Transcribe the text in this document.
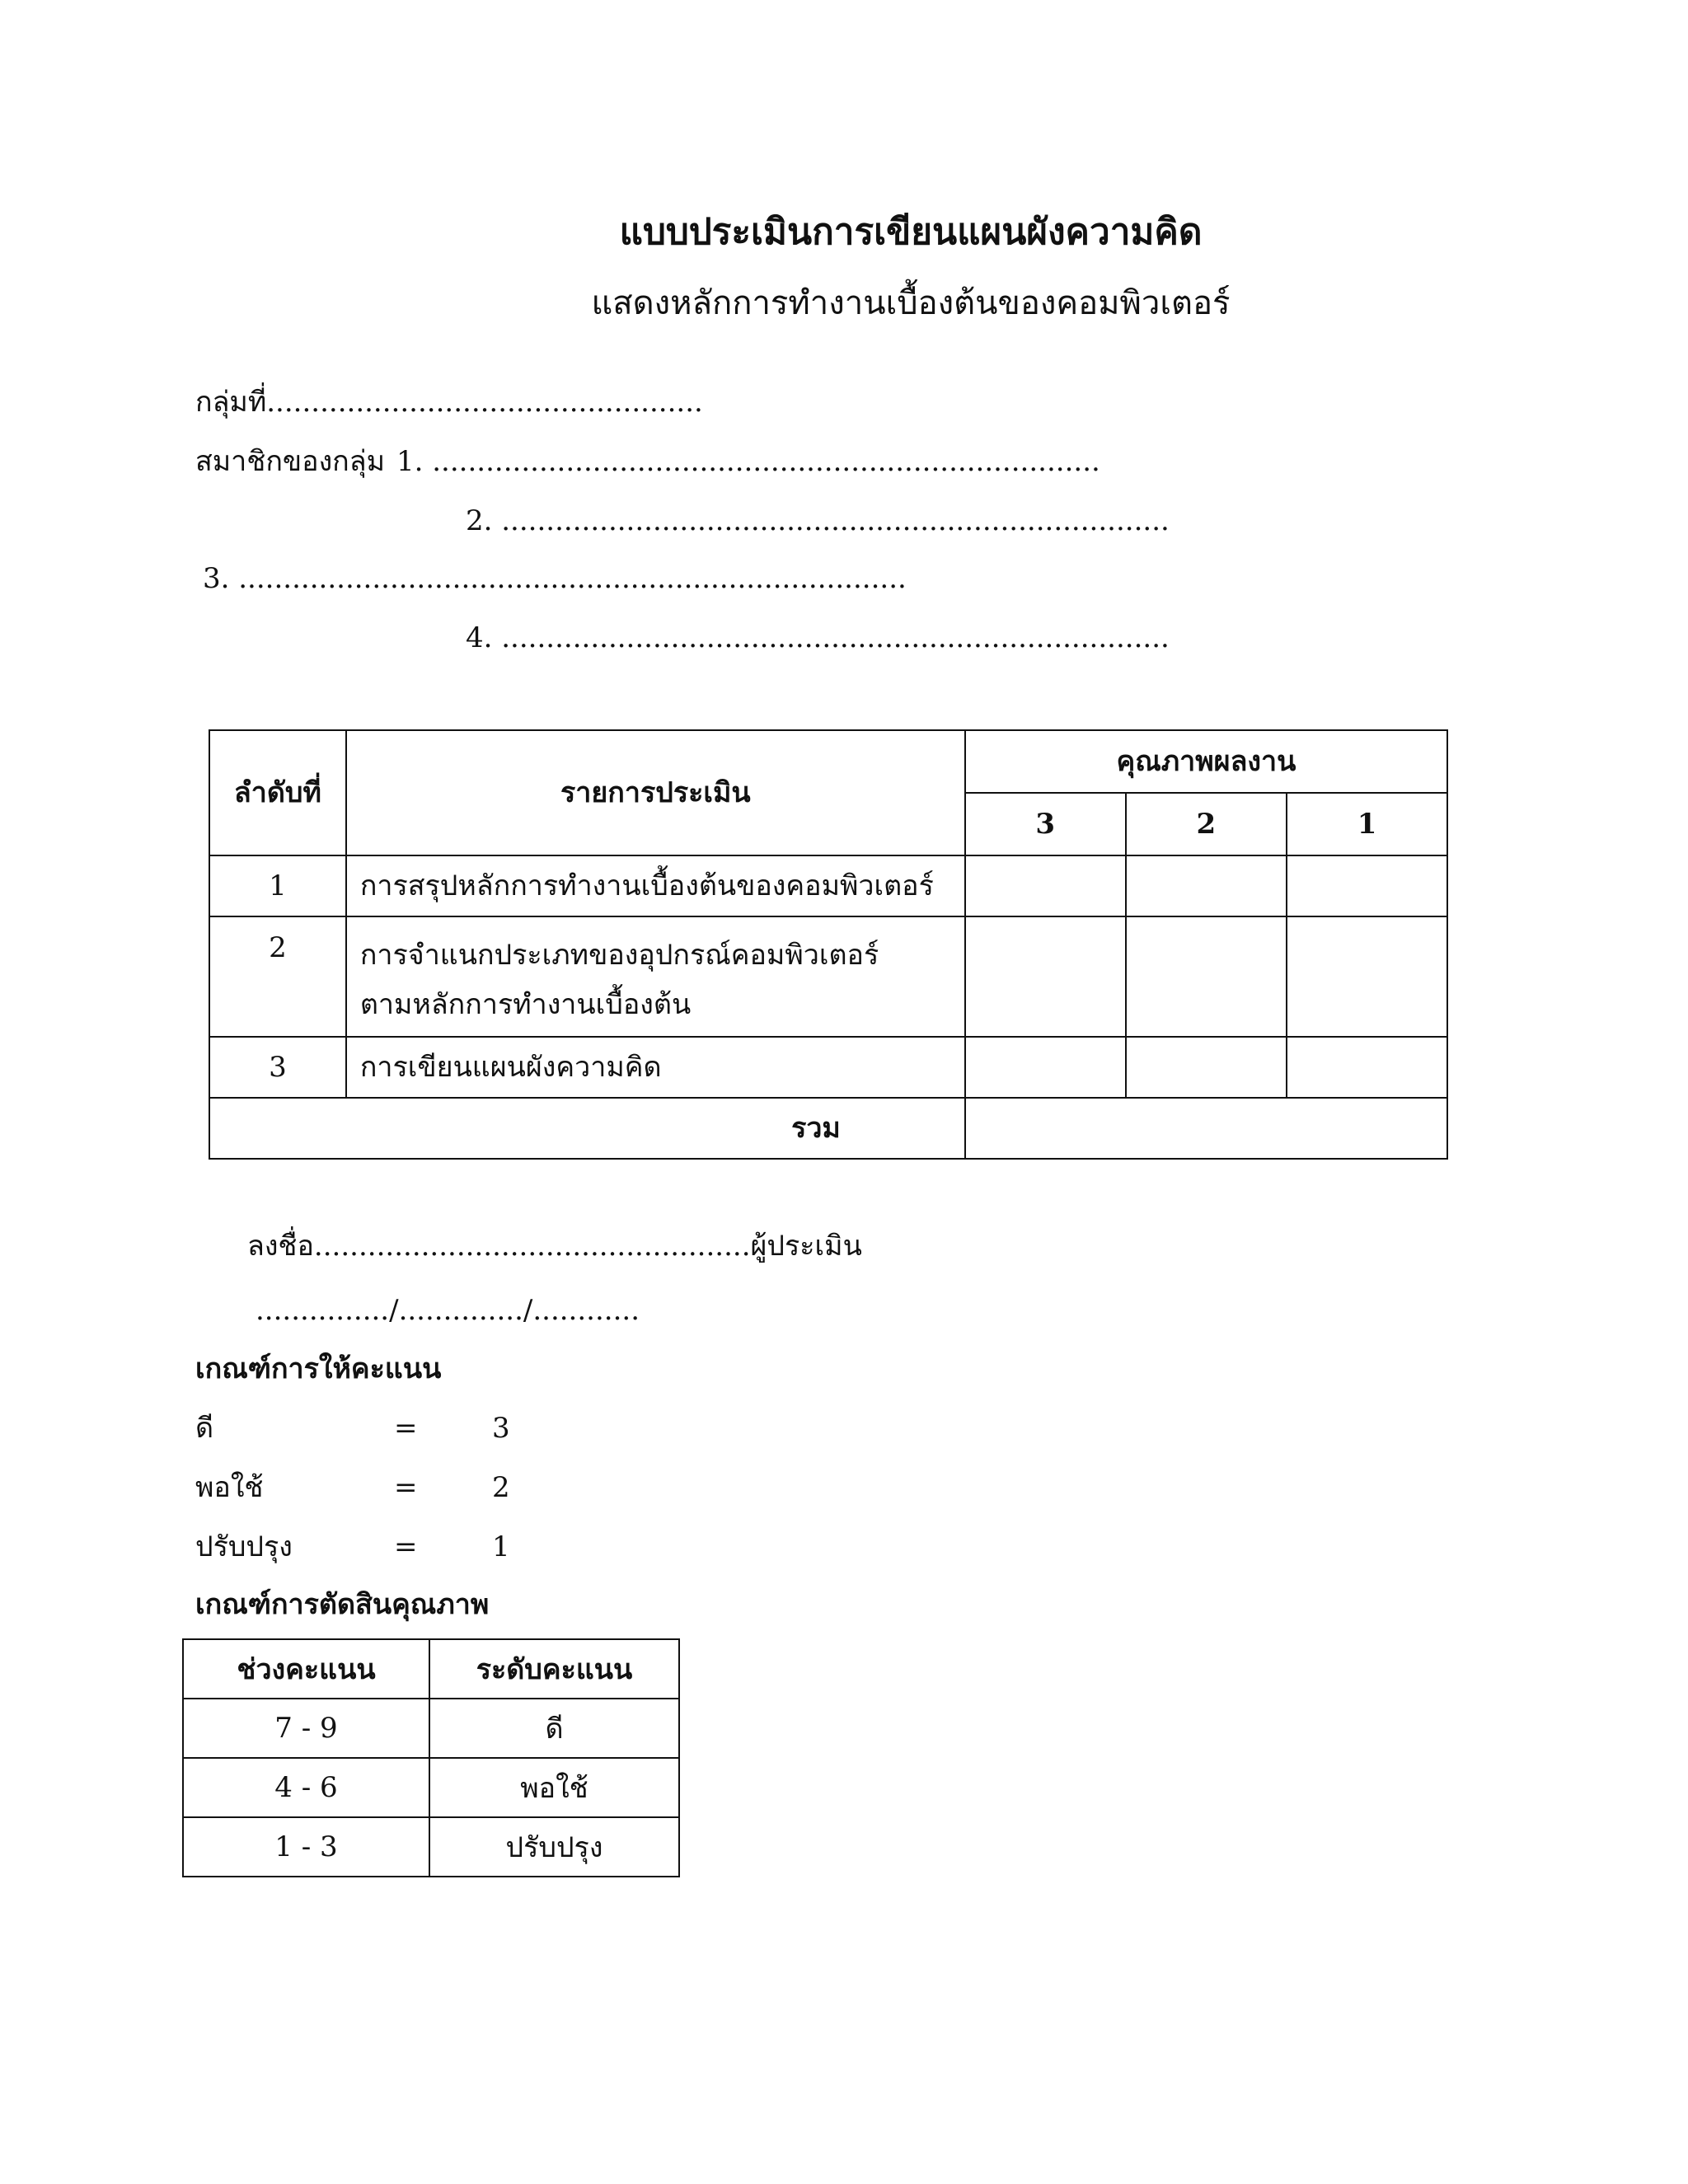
แบบประเมินการเขียนแผนผังความคิด
แสดงหลักการทำงานเบื้องต้นของคอมพิวเตอร์
กลุ่มที่.................................................
สมาชิกของกลุ่ม 1. ...........................................................................
2. ...........................................................................
3. ...........................................................................
4. ...........................................................................
ลำดับที่	รายการประเมิน	คุณภาพผลงาน		
		3	2	1
1	การสรุปหลักการทำงานเบื้องต้นของคอมพิวเตอร์			
2	การจำแนกประเภทของอุปกรณ์คอมพิวเตอร์
ตามหลักการทำงานเบื้องต้น			

3	การเขียนแผนผังความคิด			
รวม				
ลงชื่อ.................................................ผู้ประเมิน
.............../............../............
เกณฑ์การให้คะแนน
ดี	=	3
พอใช้	=	2
ปรับปรุง	=	1
เกณฑ์การตัดสินคุณภาพ
ช่วงคะแนน	ระดับคะแนน
7 - 9	ดี
4 - 6	พอใช้
1 - 3	ปรับปรุง
